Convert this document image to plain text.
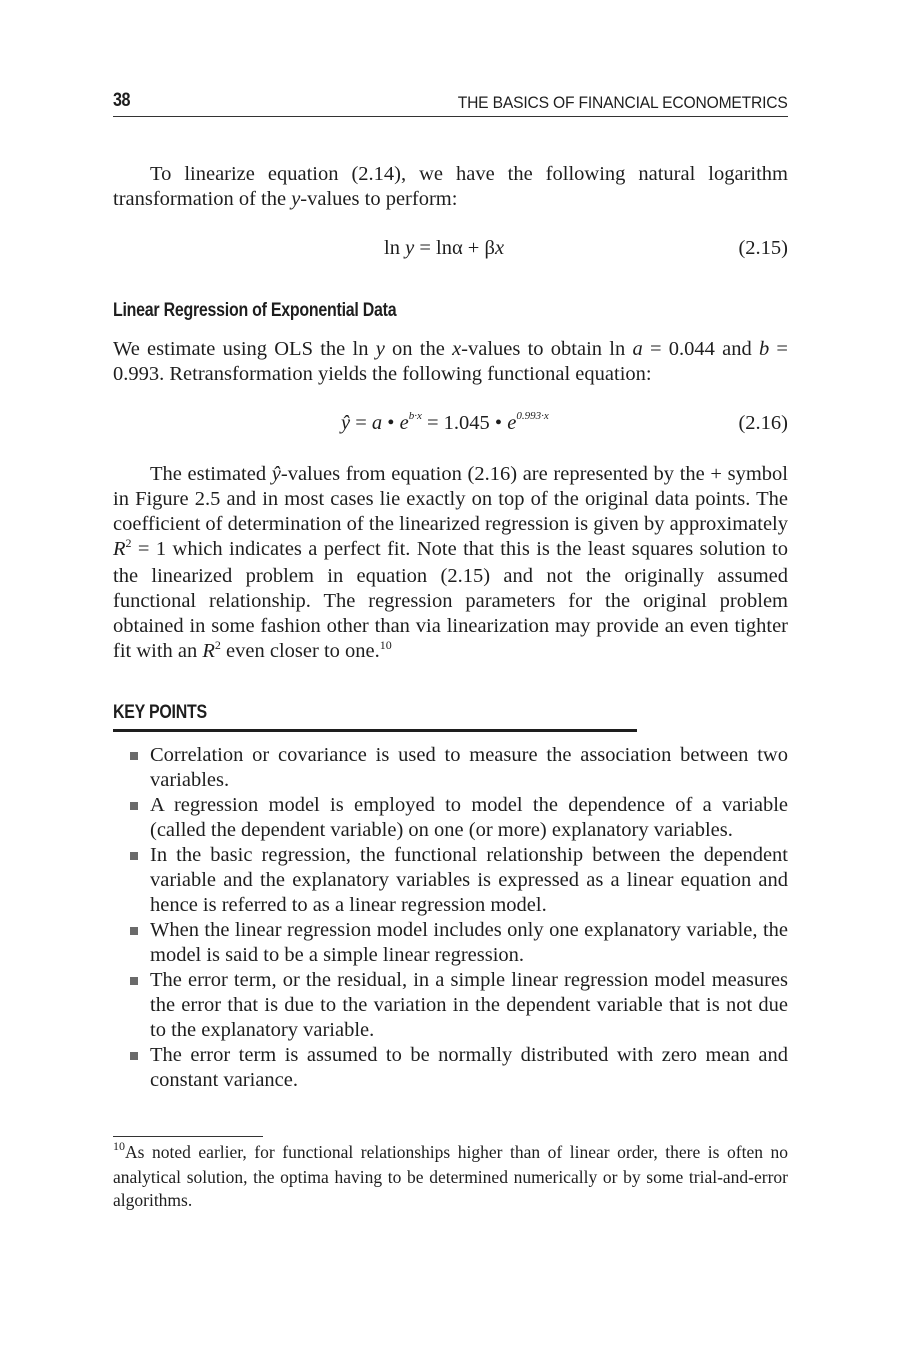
38	THE BASICS OF FINANCIAL ECONOMETRICS

To linearize equation (2.14), we have the following natural logarithm transformation of the y-values to perform:

ln y = lnα + βx	(2.15)
Linear Regression of Exponential Data

We estimate using OLS the ln y on the x-values to obtain ln a = 0.044 and b = 0.993. Retransformation yields the following functional equation:

ŷ = a • $e^{b\cdot x} = 1.045$ • $e^{0.993\cdot x}$	(2.16)

The estimated ŷ-values from equation (2.16) are represented by the + symbol in Figure 2.5 and in most cases lie exactly on top of the original data points. The coefficient of determination of the linearized regression is given by approximately R$^2$ = 1 which indicates a perfect fit. Note that this is the least squares solution to the linearized problem in equation (2.15) and not the originally assumed functional relationship. The regression parameters for the original problem obtained in some fashion other than via linearization may provide an even tighter fit with an R$^2$ even closer to one.$^{10}$

KEY POINTS
Correlation or covariance is used to measure the association between two variables.
A regression model is employed to model the dependence of a variable (called the dependent variable) on one (or more) explanatory variables.
In the basic regression, the functional relationship between the dependent variable and the explanatory variables is expressed as a linear equation and hence is referred to as a linear regression model.
When the linear regression model includes only one explanatory variable, the model is said to be a simple linear regression.
The error term, or the residual, in a simple linear regression model measures the error that is due to the variation in the dependent variable that is not due to the explanatory variable.
The error term is assumed to be normally distributed with zero mean and constant variance.

$^{10}$As noted earlier, for functional relationships higher than of linear order, there is often no analytical solution, the optima having to be determined numerically or by some trial-and-error algorithms.
